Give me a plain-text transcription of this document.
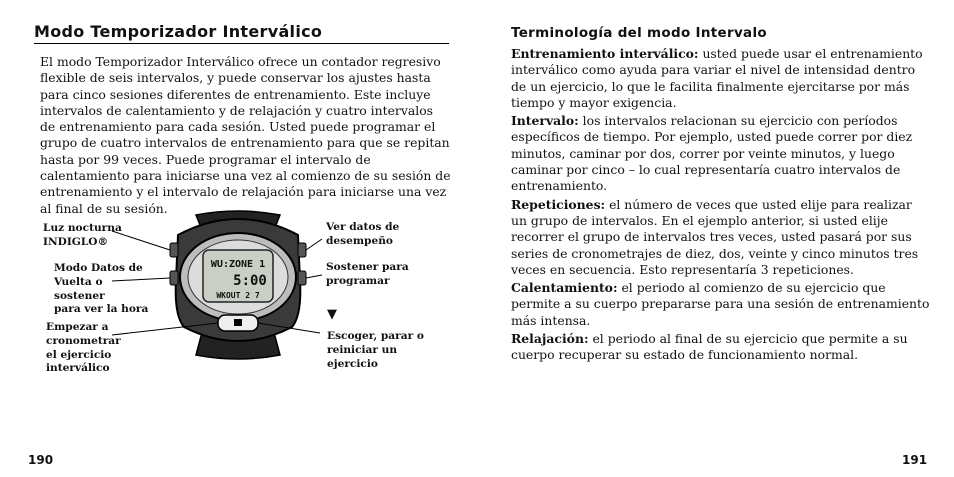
Modo Temporizador Interválico

El modo Temporizador Interválico ofrece un contador regresivo flexible de seis intervalos, y puede conservar los ajustes hasta para cinco sesiones diferentes de entrenamiento. Este incluye intervalos de calentamiento y de relajación y cuatro intervalos de entrenamiento para cada sesión. Usted puede programar el grupo de cuatro intervalos de entrenamiento para que se repitan hasta por 99 veces. Puede programar el intervalo de calentamiento para iniciarse una vez al comienzo de su sesión de entrenamiento y el intervalo de relajación para iniciarse una vez al final de su sesión.

WU:ZONE 1
5:00
WKOUT 2 7

Luz nocturna
INDIGLO®

Modo Datos de
Vuelta o
sostener
para ver la hora

Empezar a
cronometrar
el ejercicio
interválico

Ver datos de
desempeño

Sostener para
programar

▼

Escoger, parar o
reiniciar un
ejercicio

190

Terminología del modo Intervalo

Entrenamiento interválico: usted puede usar el entrenamiento interválico como ayuda para variar el nivel de intensidad dentro de un ejercicio, lo que le facilita finalmente ejercitarse por más tiempo y mayor exigencia.

Intervalo: los intervalos relacionan su ejercicio con períodos específicos de tiempo. Por ejemplo, usted puede correr por diez minutos, caminar por dos, correr por veinte minutos, y luego caminar por cinco – lo cual representaría cuatro intervalos de entrenamiento.

Repeticiones: el número de veces que usted elije para realizar un grupo de intervalos. En el ejemplo anterior, si usted elije recorrer el grupo de intervalos tres veces, usted pasará por sus series de cronometrajes de diez, dos, veinte y cinco minutos tres veces en secuencia. Esto representaría 3 repeticiones.

Calentamiento: el periodo al comienzo de su ejercicio que permite a su cuerpo prepararse para una sesión de entrenamiento más intensa.

Relajación: el periodo al final de su ejercicio que permite a su cuerpo recuperar su estado de funcionamiento normal.

191
